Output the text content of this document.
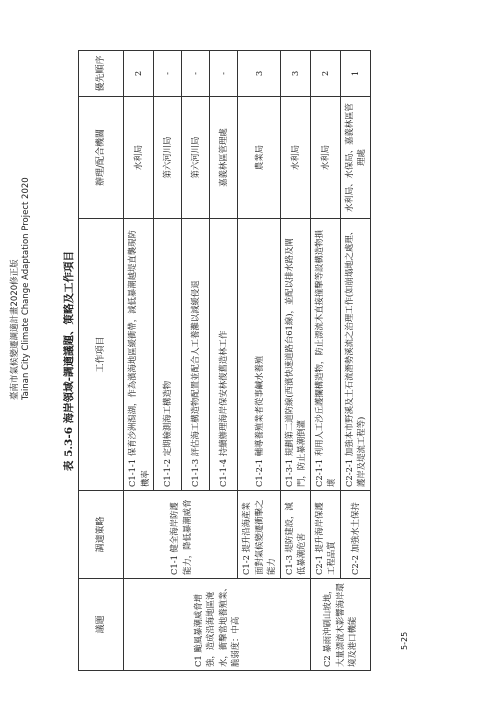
臺南市氣候變遷調適計畫2020修正版 Tainan City Climate Change Adaptation Project 2020
5-25
表 5.3-6 海岸領域-調適議題、策略及工作項目
議題	調適策略	工作項目	辦理/配合機關	優先順序
C1 颱風暴潮威脅增強，造成沿海地區淹水，衝擊當地養殖業、脆弱度：中高	C1-1 健全海岸防護能力，降低暴潮威脅	C1-1-1 保育沙洲潟湖，作為濱海地區緩衝帶，減低暴潮越堤直襲現防機率	水利局	2
		C1-1-2 定期檢測海工構造物	第六河川局	-
		C1-1-3 評估海工構造物配置並配合人工養灘以減緩侵退	第六河川局	-
		C1-1-4 持續辦理海岸保安林復舊造林工作	嘉義林區管理處	-
	C1-2 提升沿海產業面對氣候變遷衝擊之能力	C1-2-1 輔導養殖業者從事鹹水養殖	農業局	3
	C1-3 堤防建設，減低暴潮危害	C1-3-1 規劃第二道防線(西濱快速道路台61線)，並配以排水路及閘門，防止暴潮倒灌	水利局	3
C2 暴雨沖刷山坡地，大量漂流木影響海岸環境及港口機能	C2-1 提升海岸保護工程品質	C2-1-1 利用人工沙丘護攔構造物，防止漂流木直接撞擊等設構造物損壞	水利局	2
	C2-2 加強水土保持	C2-2-1 加強本市野溪及土石流潛勢溪流之治理工作(如崩塌地之處理、護岸及堤流工程等)	水利局、水保局、嘉義林區管理處	1
